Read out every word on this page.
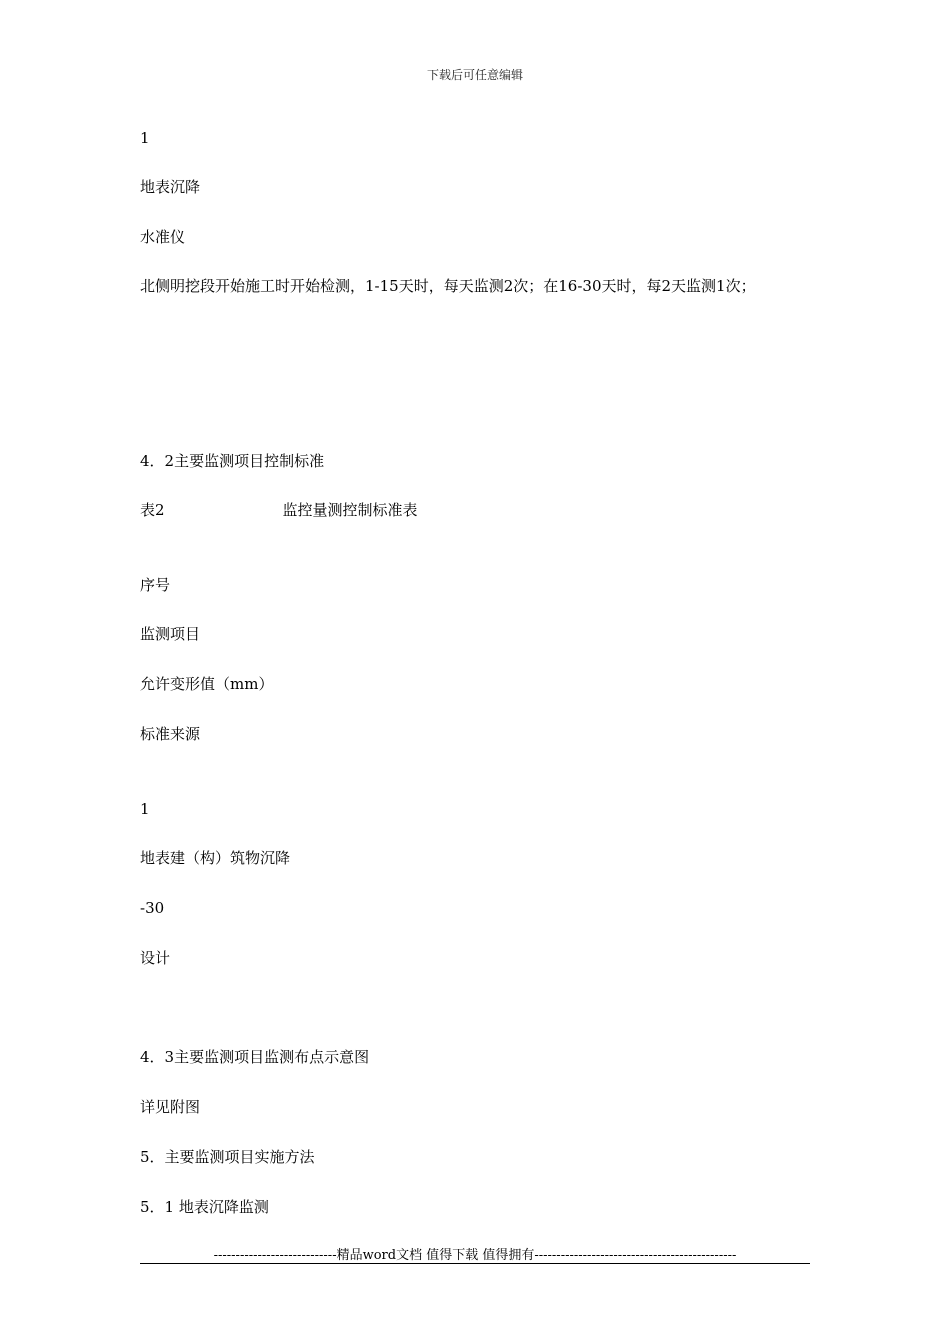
下载后可任意编辑
1
地表沉降
水准仪
北侧明挖段开始施工时开始检测，1-15天时，每天监测2次；在16-30天时，每2天监测1次；
4．2主要监测项目控制标准
表2	监控量测控制标准表
序号
监测项目
允许变形值（mm）
标准来源
1
地表建（构）筑物沉降
-30
设计
4．3主要监测项目监测布点示意图
详见附图
5．主要监测项目实施方法
5．1 地表沉降监测
----------------------------精品word文档 值得下载 值得拥有----------------------------------------------
